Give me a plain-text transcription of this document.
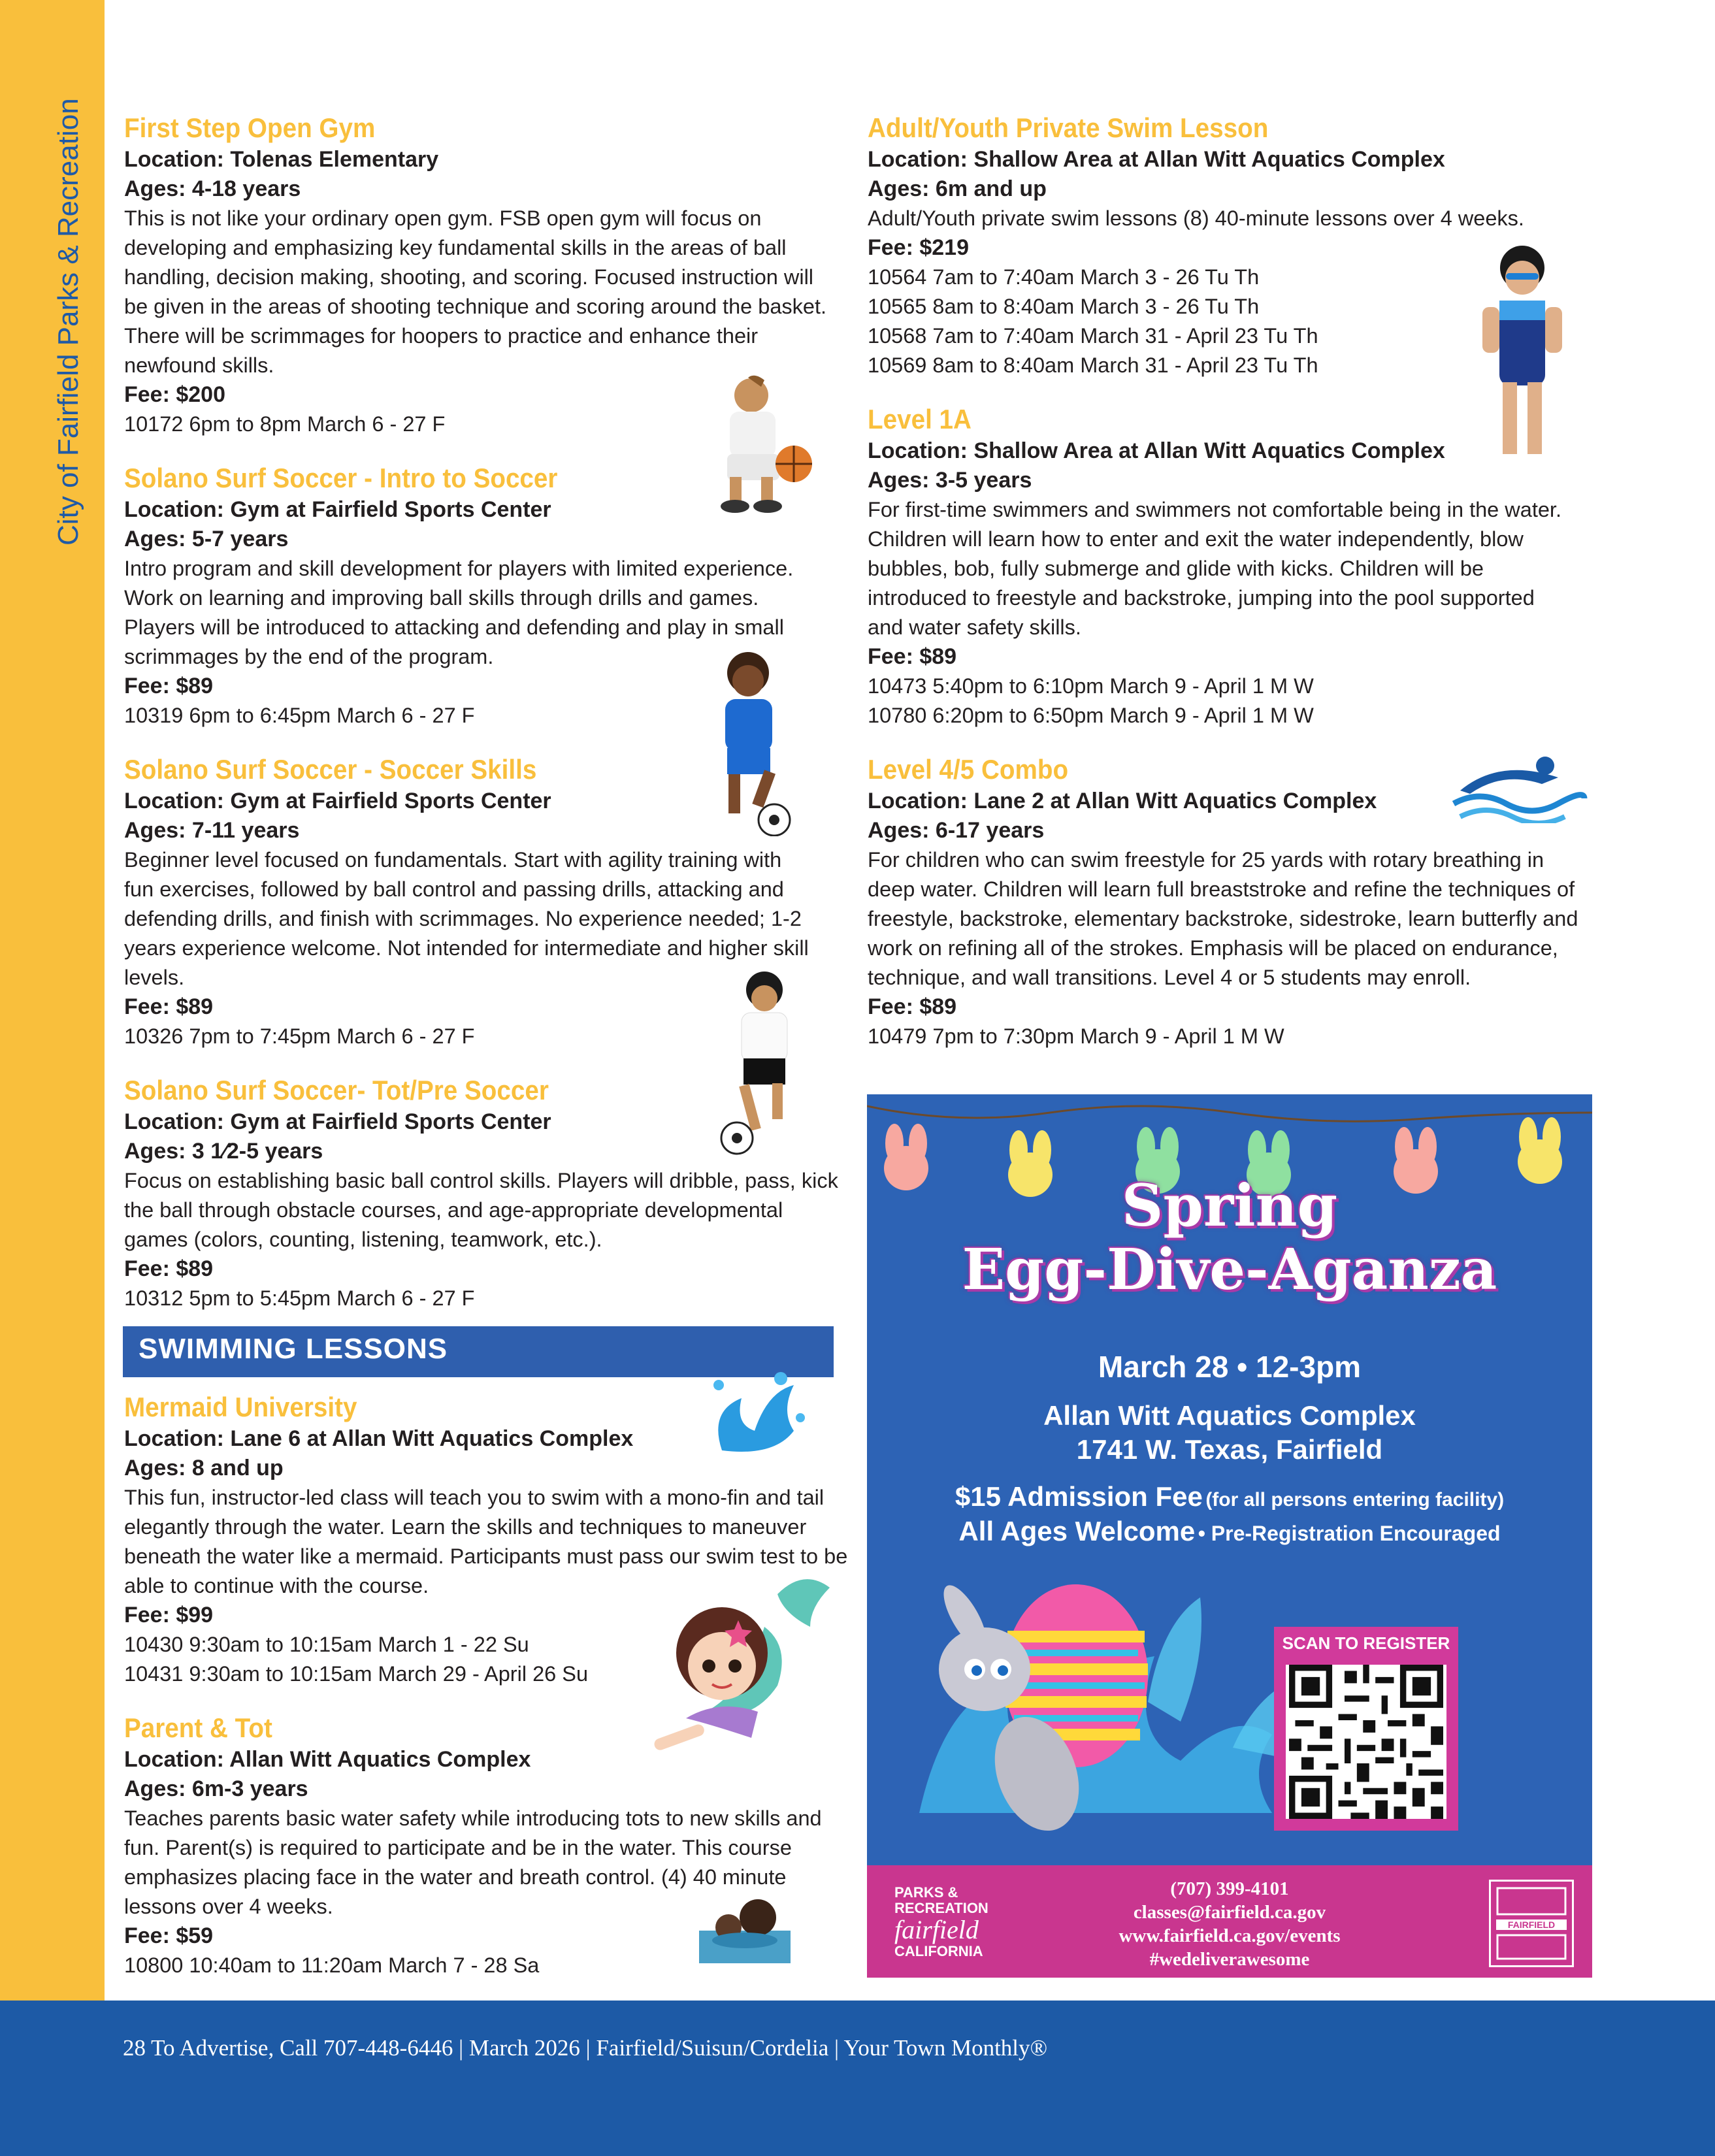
City of Fairfield Parks & Recreation First Step Open Gym
Location: Tolenas Elementary
Ages: 4-18 years
This is not like your ordinary open gym. FSB open gym will focus on developing and emphasizing key fundamental skills in the areas of ball handling, decision making, shooting, and scoring. Focused instruction will be given in the areas of shooting technique and scoring around the basket. There will be scrimmages for hoopers to practice and enhance their newfound skills.
Fee: $200
10172 6pm to 8pm March 6 - 27 F
Solano Surf Soccer - Intro to Soccer
Location: Gym at Fairfield Sports Center
Ages: 5-7 years
Intro program and skill development for players with limited experience. Work on learning and improving ball skills through drills and games. Players will be introduced to attacking and defending and play in small scrimmages by the end of the program.
Fee: $89
10319 6pm to 6:45pm March 6 - 27 F
Solano Surf Soccer - Soccer Skills
Location: Gym at Fairfield Sports Center
Ages: 7-11 years
Beginner level focused on fundamentals. Start with agility training with fun exercises, followed by ball control and passing drills, attacking and defending drills, and finish with scrimmages. No experience needed; 1-2 years experience welcome. Not intended for intermediate and higher skill levels.
Fee: $89
10326 7pm to 7:45pm March 6 - 27 F
Solano Surf Soccer- Tot/Pre Soccer
Location: Gym at Fairfield Sports Center
Ages: 3 1⁄2-5 years
Focus on establishing basic ball control skills. Players will dribble, pass, kick the ball through obstacle courses, and age-appropriate developmental games (colors, counting, listening, teamwork, etc.).
Fee: $89
10312 5pm to 5:45pm March 6 - 27 F
SWIMMING LESSONS
Mermaid University
Location: Lane 6 at Allan Witt Aquatics Complex
Ages: 8 and up
This fun, instructor-led class will teach you to swim with a mono-fin and tail elegantly through the water. Learn the skills and techniques to maneuver beneath the water like a mermaid. Participants must pass our swim test to be able to continue with the course.
Fee: $99
10430 9:30am to 10:15am March 1 - 22 Su
10431 9:30am to 10:15am March 29 - April 26 Su
Parent & Tot
Location: Allan Witt Aquatics Complex
Ages: 6m-3 years
Teaches parents basic water safety while introducing tots to new skills and fun. Parent(s) is required to participate and be in the water. This course emphasizes placing face in the water and breath control. (4) 40 minute lessons over 4 weeks.
Fee: $59
10800 10:40am to 11:20am March 7 - 28 Sa
Adult/Youth Private Swim Lesson
Location: Shallow Area at Allan Witt Aquatics Complex
Ages: 6m and up
Adult/Youth private swim lessons (8) 40-minute lessons over 4 weeks.
Fee: $219
10564 7am to 7:40am March 3 - 26 Tu Th
10565 8am to 8:40am March 3 - 26 Tu Th
10568 7am to 7:40am March 31 - April 23 Tu Th
10569 8am to 8:40am March 31 - April 23 Tu Th
Level 1A
Location: Shallow Area at Allan Witt Aquatics Complex
Ages: 3-5 years
For first-time swimmers and swimmers not comfortable being in the water. Children will learn how to enter and exit the water independently, blow bubbles, bob, fully submerge and glide with kicks. Children will be introduced to freestyle and backstroke, jumping into the pool supported and water safety skills.
Fee: $89
10473 5:40pm to 6:10pm March 9 - April 1 M W
10780 6:20pm to 6:50pm March 9 - April 1 M W
Level 4/5 Combo
Location: Lane 2 at Allan Witt Aquatics Complex
Ages: 6-17 years
For children who can swim freestyle for 25 yards with rotary breathing in deep water. Children will learn full breaststroke and refine the techniques of freestyle, backstroke, elementary backstroke, sidestroke, learn butterfly and work on refining all of the strokes. Emphasis will be placed on endurance, technique, and wall transitions. Level 4 or 5 students may enroll.
Fee: $89
10479 7pm to 7:30pm March 9 - April 1 M W
Spring
Egg-Dive-Aganza
March 28 • 12-3pm
Allan Witt Aquatics Complex
1741 W. Texas, Fairfield
$15 Admission Fee (for all persons entering facility)
All Ages Welcome • Pre-Registration Encouraged
SCAN TO REGISTER
PARKS &
RECREATION
fairfield
CALIFORNIA
(707) 399-4101
classes@fairfield.ca.gov
www.fairfield.ca.gov/events
#wedeliverawesome
FAIRFIELD
28 To Advertise, Call 707-448-6446 | March 2026 | Fairfield/Suisun/Cordelia | Your Town Monthly®
